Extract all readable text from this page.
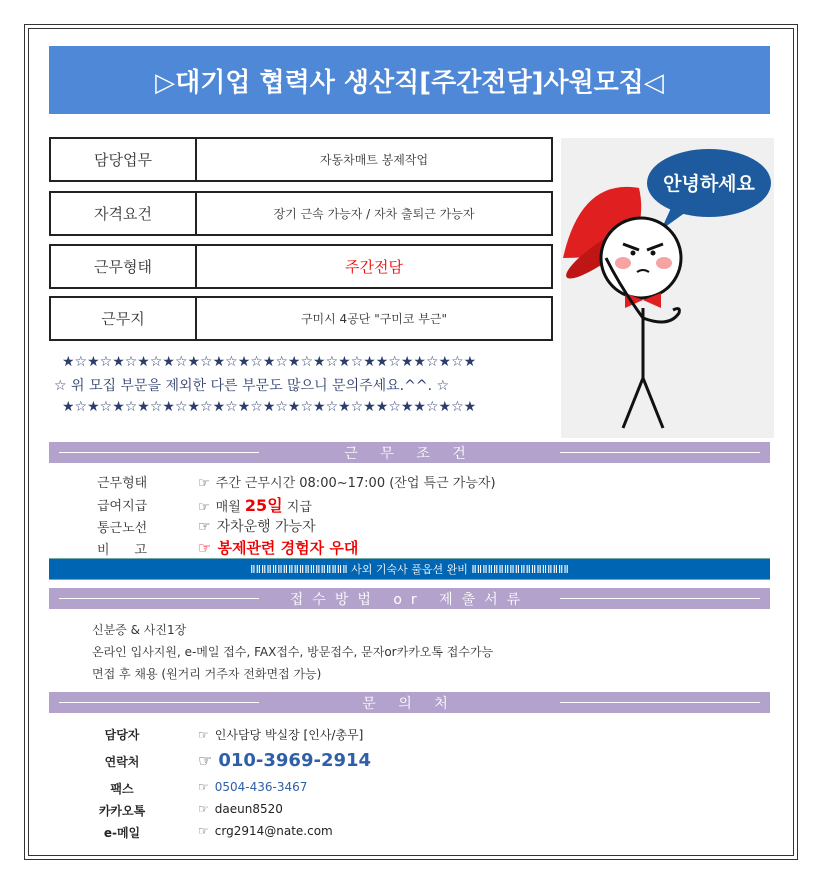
▷대기업 협력사 생산직[주간전담]사원모집◁
담당업무	자동차매트 봉제작업
자격요건	장기 근속 가능자 / 자차 출퇴근 가능자
근무형태	주간전담
근무지	구미시 4공단 "구미코 부근"
★☆★☆★☆★☆★☆★☆★☆★☆★☆★☆★☆★☆★★☆★★☆★☆★
☆ 위 모집 부문을 제외한 다른 부문도 많으니 문의주세요.^^. ☆
★☆★☆★☆★☆★☆★☆★☆★☆★☆★☆★☆★☆★★☆★★☆★☆★
안녕하세요
근 무 조 건
근무형태	☞ 주간 근무시간 08:00~17:00 (잔업 특근 가능자)
급여지급	☞ 매월 25일 지급
통근노선	☞ 자차운행 가능자
비      고	☞ 봉제관련 경험자 우대
ⅡⅡⅡⅡⅡⅡⅡⅡⅡⅡⅡⅡⅡⅡⅡⅡⅡⅡ 사외 기숙사 풀옵션 완비 ⅡⅡⅡⅡⅡⅡⅡⅡⅡⅡⅡⅡⅡⅡⅡⅡⅡⅡ
접수방법 or 제출서류
신분증 & 사진1장
온라인 입사지원, e-메일 접수, FAX접수, 방문접수, 문자or카카오톡 접수가능
면접 후 채용 (원거리 거주자 전화면접 가능)
문 의 처
담당자	☞ 인사담당 박실장 [인사/총무]
연락처	☞ 010-3969-2914
팩스	☞ 0504-436-3467
카카오톡	☞ daeun8520
e-메일	☞ crg2914@nate.com
